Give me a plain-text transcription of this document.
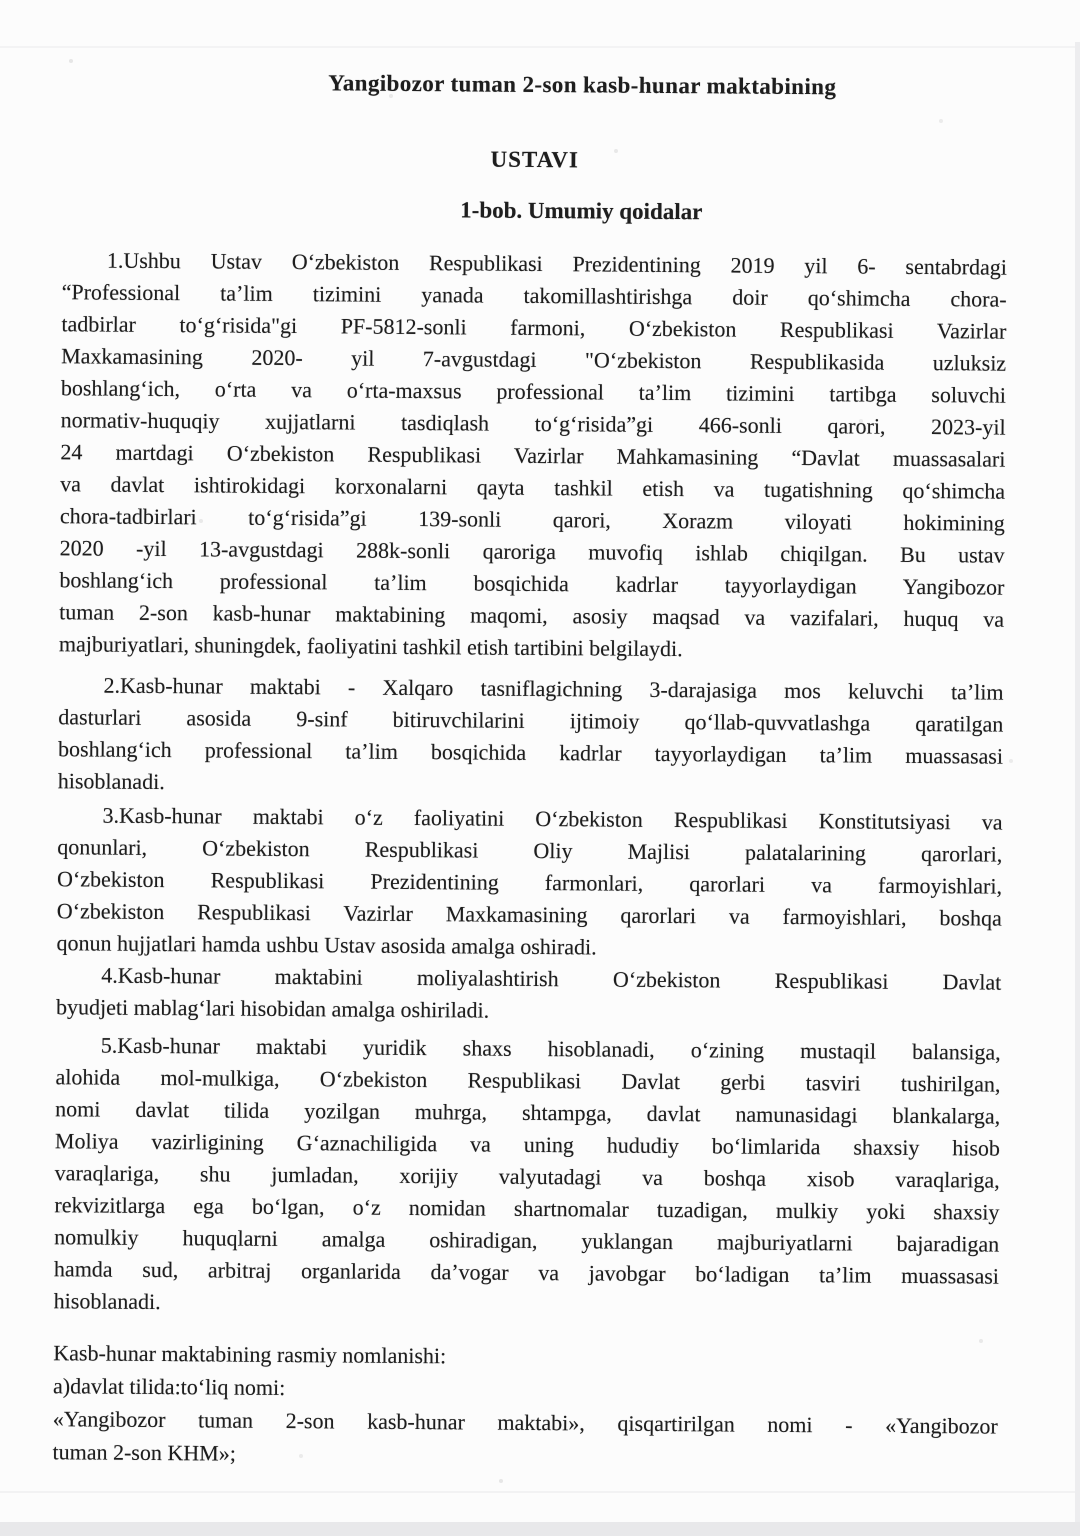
Yangibozor tuman 2-son kasb-hunar maktabining
USTAVI
1-bob. Umumiy qoidalar
1.Ushbu Ustav O‘zbekiston Respublikasi Prezidentining 2019 yil 6- sentabrdagi
“Professional ta’lim tizimini yanada takomillashtirishga doir qo‘shimcha chora-
tadbirlar to‘g‘risida"gi PF-5812-sonli farmoni, O‘zbekiston Respublikasi Vazirlar
Maxkamasining 2020- yil 7-avgustdagi "O‘zbekiston Respublikasida uzluksiz
boshlang‘ich, o‘rta va o‘rta-maxsus professional ta’lim tizimini tartibga soluvchi
normativ-huquqiy xujjatlarni tasdiqlash to‘g‘risida”gi 466-sonli qarori, 2023-yil
24 martdagi O‘zbekiston Respublikasi Vazirlar Mahkamasining “Davlat muassasalari
va davlat ishtirokidagi korxonalarni qayta tashkil etish va tugatishning qo‘shimcha
chora-tadbirlari to‘g‘risida”gi 139-sonli qarori, Xorazm viloyati hokimining
2020 -yil 13-avgustdagi 288k-sonli qaroriga muvofiq ishlab chiqilgan. Bu ustav
boshlang‘ich professional ta’lim bosqichida kadrlar tayyorlaydigan Yangibozor
tuman 2-son kasb-hunar maktabining maqomi, asosiy maqsad va vazifalari, huquq va
majburiyatlari, shuningdek, faoliyatini tashkil etish tartibini belgilaydi.
2.Kasb-hunar maktabi - Xalqaro tasniflagichning 3-darajasiga mos keluvchi ta’lim
dasturlari asosida 9-sinf bitiruvchilarini ijtimoiy qo‘llab-quvvatlashga qaratilgan
boshlang‘ich professional ta’lim bosqichida kadrlar tayyorlaydigan ta’lim muassasasi
hisoblanadi.
3.Kasb-hunar maktabi o‘z faoliyatini O‘zbekiston Respublikasi Konstitutsiyasi va
qonunlari, O‘zbekiston Respublikasi Oliy Majlisi palatalarining qarorlari,
O‘zbekiston Respublikasi Prezidentining farmonlari, qarorlari va farmoyishlari,
O‘zbekiston Respublikasi Vazirlar Maxkamasining qarorlari va farmoyishlari, boshqa
qonun hujjatlari hamda ushbu Ustav asosida amalga oshiradi.
4.Kasb-hunar maktabini moliyalashtirish O‘zbekiston Respublikasi Davlat
byudjeti mablag‘lari hisobidan amalga oshiriladi.
5.Kasb-hunar maktabi yuridik shaxs hisoblanadi, o‘zining mustaqil balansiga,
alohida mol-mulkiga, O‘zbekiston Respublikasi Davlat gerbi tasviri tushirilgan,
nomi davlat tilida yozilgan muhrga, shtampga, davlat namunasidagi blankalarga,
Moliya vazirligining G‘aznachiligida va uning hududiy bo‘limlarida shaxsiy hisob
varaqlariga, shu jumladan, xorijiy valyutadagi va boshqa xisob varaqlariga,
rekvizitlarga ega bo‘lgan, o‘z nomidan shartnomalar tuzadigan, mulkiy yoki shaxsiy
nomulkiy huquqlarni amalga oshiradigan, yuklangan majburiyatlarni bajaradigan
hamda sud, arbitraj organlarida da’vogar va javobgar bo‘ladigan ta’lim muassasasi
hisoblanadi.
Kasb-hunar maktabining rasmiy nomlanishi:
a)davlat tilida:to‘liq nomi:
«Yangibozor tuman 2-son kasb-hunar maktabi», qisqartirilgan nomi - «Yangibozor
tuman 2-son KHM»;
